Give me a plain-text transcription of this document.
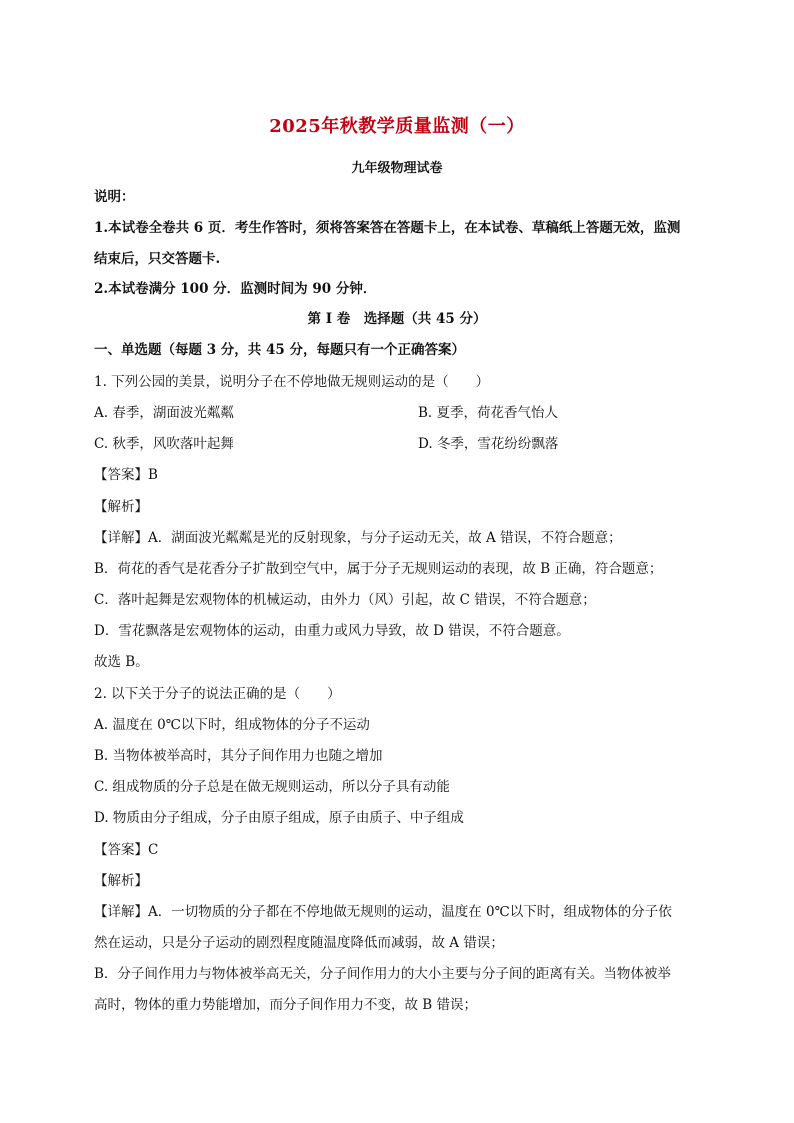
2025年秋教学质量监测（一）
九年级物理试卷
说明：
1.本试卷全卷共 6 页．考生作答时，须将答案答在答题卡上，在本试卷、草稿纸上答题无效，监测
结束后，只交答题卡.
2.本试卷满分 100 分．监测时间为 90 分钟．
第 I 卷　选择题（共 45 分）
一、单选题（每题 3 分，共 45 分，每题只有一个正确答案）
1. 下列公园的美景，说明分子在不停地做无规则运动的是（　　）
A. 春季，湖面波光粼粼	B. 夏季，荷花香气怡人
C. 秋季，风吹落叶起舞	D. 冬季，雪花纷纷飘落
【答案】B
【解析】
【详解】A．湖面波光粼粼是光的反射现象，与分子运动无关，故 A 错误，不符合题意；
B．荷花的香气是花香分子扩散到空气中，属于分子无规则运动的表现，故 B 正确，符合题意；
C．落叶起舞是宏观物体的机械运动，由外力（风）引起，故 C 错误，不符合题意；
D．雪花飘落是宏观物体的运动，由重力或风力导致，故 D 错误，不符合题意。
故选 B。
2. 以下关于分子的说法正确的是（　　）
A. 温度在 0℃以下时，组成物体的分子不运动
B. 当物体被举高时，其分子间作用力也随之增加
C. 组成物质的分子总是在做无规则运动，所以分子具有动能
D. 物质由分子组成，分子由原子组成，原子由质子、中子组成
【答案】C
【解析】
【详解】A．一切物质的分子都在不停地做无规则的运动，温度在 0℃以下时，组成物体的分子依
然在运动，只是分子运动的剧烈程度随温度降低而减弱，故 A 错误；
B．分子间作用力与物体被举高无关，分子间作用力的大小主要与分子间的距离有关。当物体被举
高时，物体的重力势能增加，而分子间作用力不变，故 B 错误；
